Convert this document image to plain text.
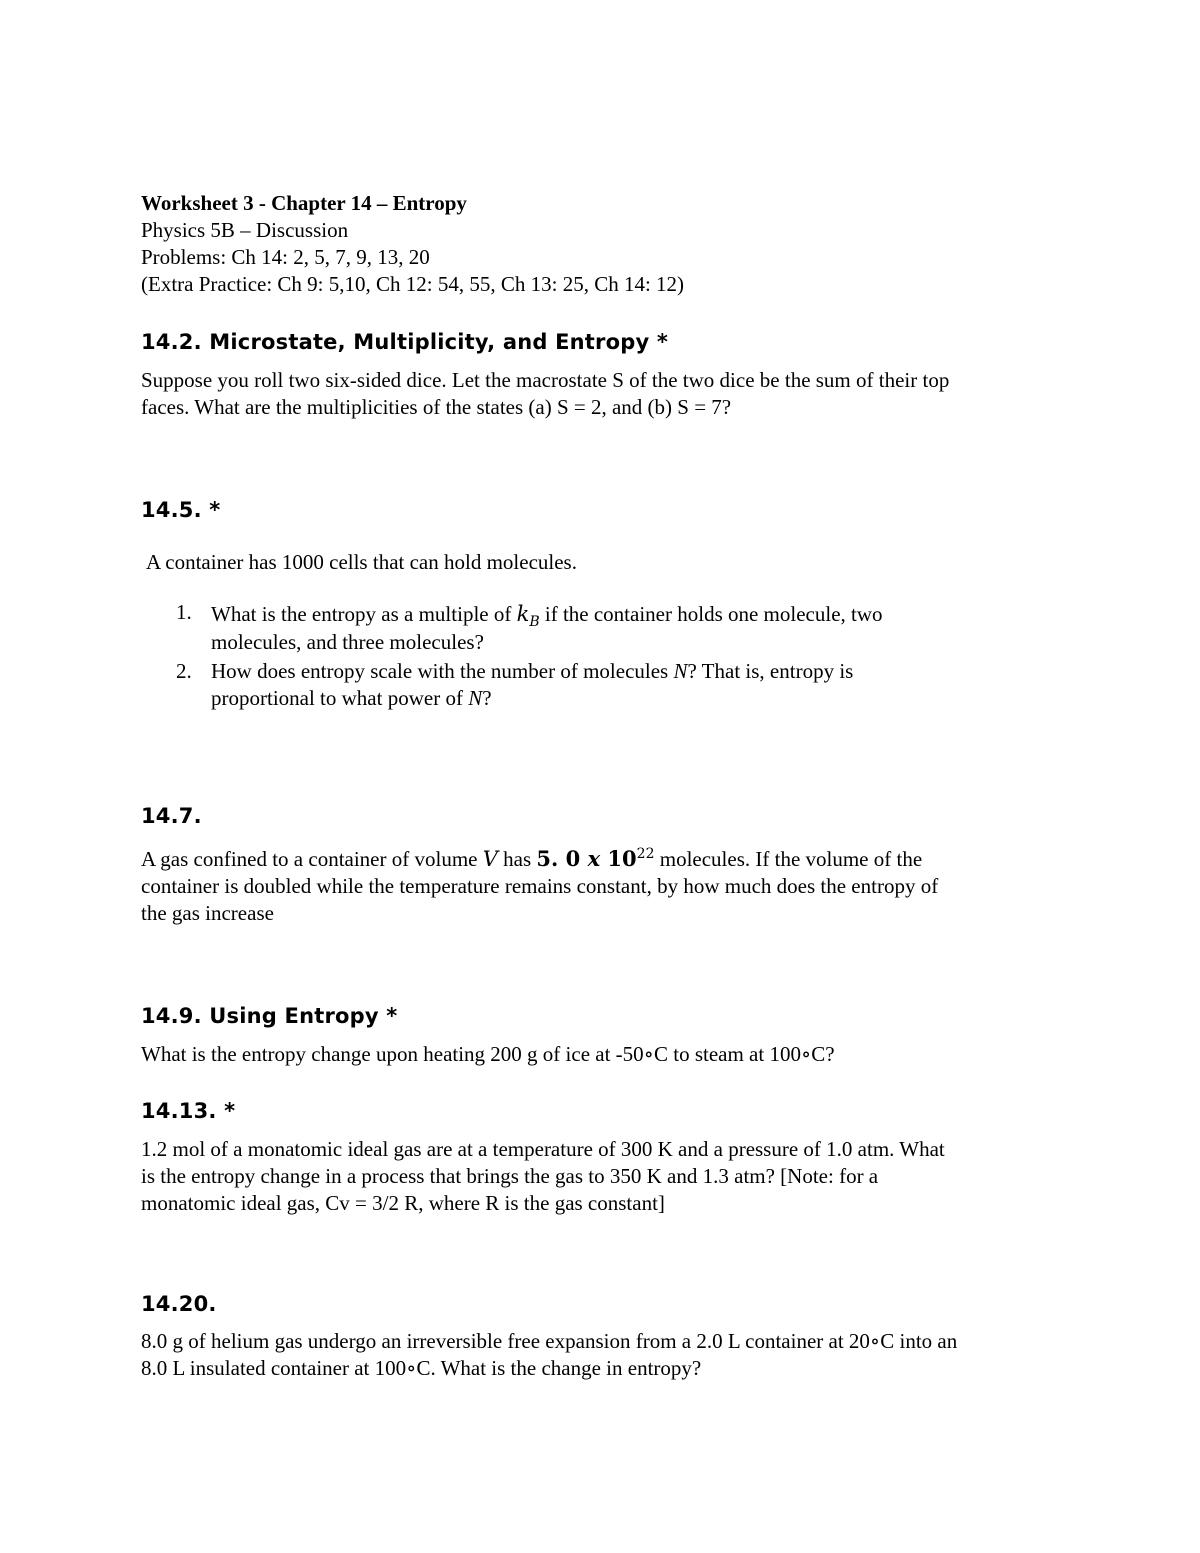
Worksheet 3 - Chapter 14 – Entropy

Physics 5B – Discussion

Problems: Ch 14: 2, 5, 7, 9, 13, 20

(Extra Practice: Ch 9: 5,10, Ch 12: 54, 55, Ch 13: 25, Ch 14: 12)

14.2. Microstate, Multiplicity, and Entropy *

Suppose you roll two six-sided dice. Let the macrostate S of the two dice be the sum of their top

faces. What are the multiplicities of the states (a) S = 2, and (b) S = 7?

14.5. *
A container has 1000 cells that can hold molecules.
1. What is the entropy as a multiple of $k_B$ if the container holds one molecule, two

molecules, and three molecules?

2. How does entropy scale with the number of molecules N? That is, entropy is

proportional to what power of N?

14.7.

A gas confined to a container of volume V has 5. 0 x $10^{22}$ molecules. If the volume of the

container is doubled while the temperature remains constant, by how much does the entropy of

the gas increase

14.9. Using Entropy *
What is the entropy change upon heating 200 g of ice at -50∘C to steam at 100∘C?
14.13. *

1.2 mol of a monatomic ideal gas are at a temperature of 300 K and a pressure of 1.0 atm. What

is the entropy change in a process that brings the gas to 350 K and 1.3 atm? [Note: for a

monatomic ideal gas, Cv = 3/2 R, where R is the gas constant]

14.20.

8.0 g of helium gas undergo an irreversible free expansion from a 2.0 L container at 20∘C into an

8.0 L insulated container at 100∘C. What is the change in entropy?
